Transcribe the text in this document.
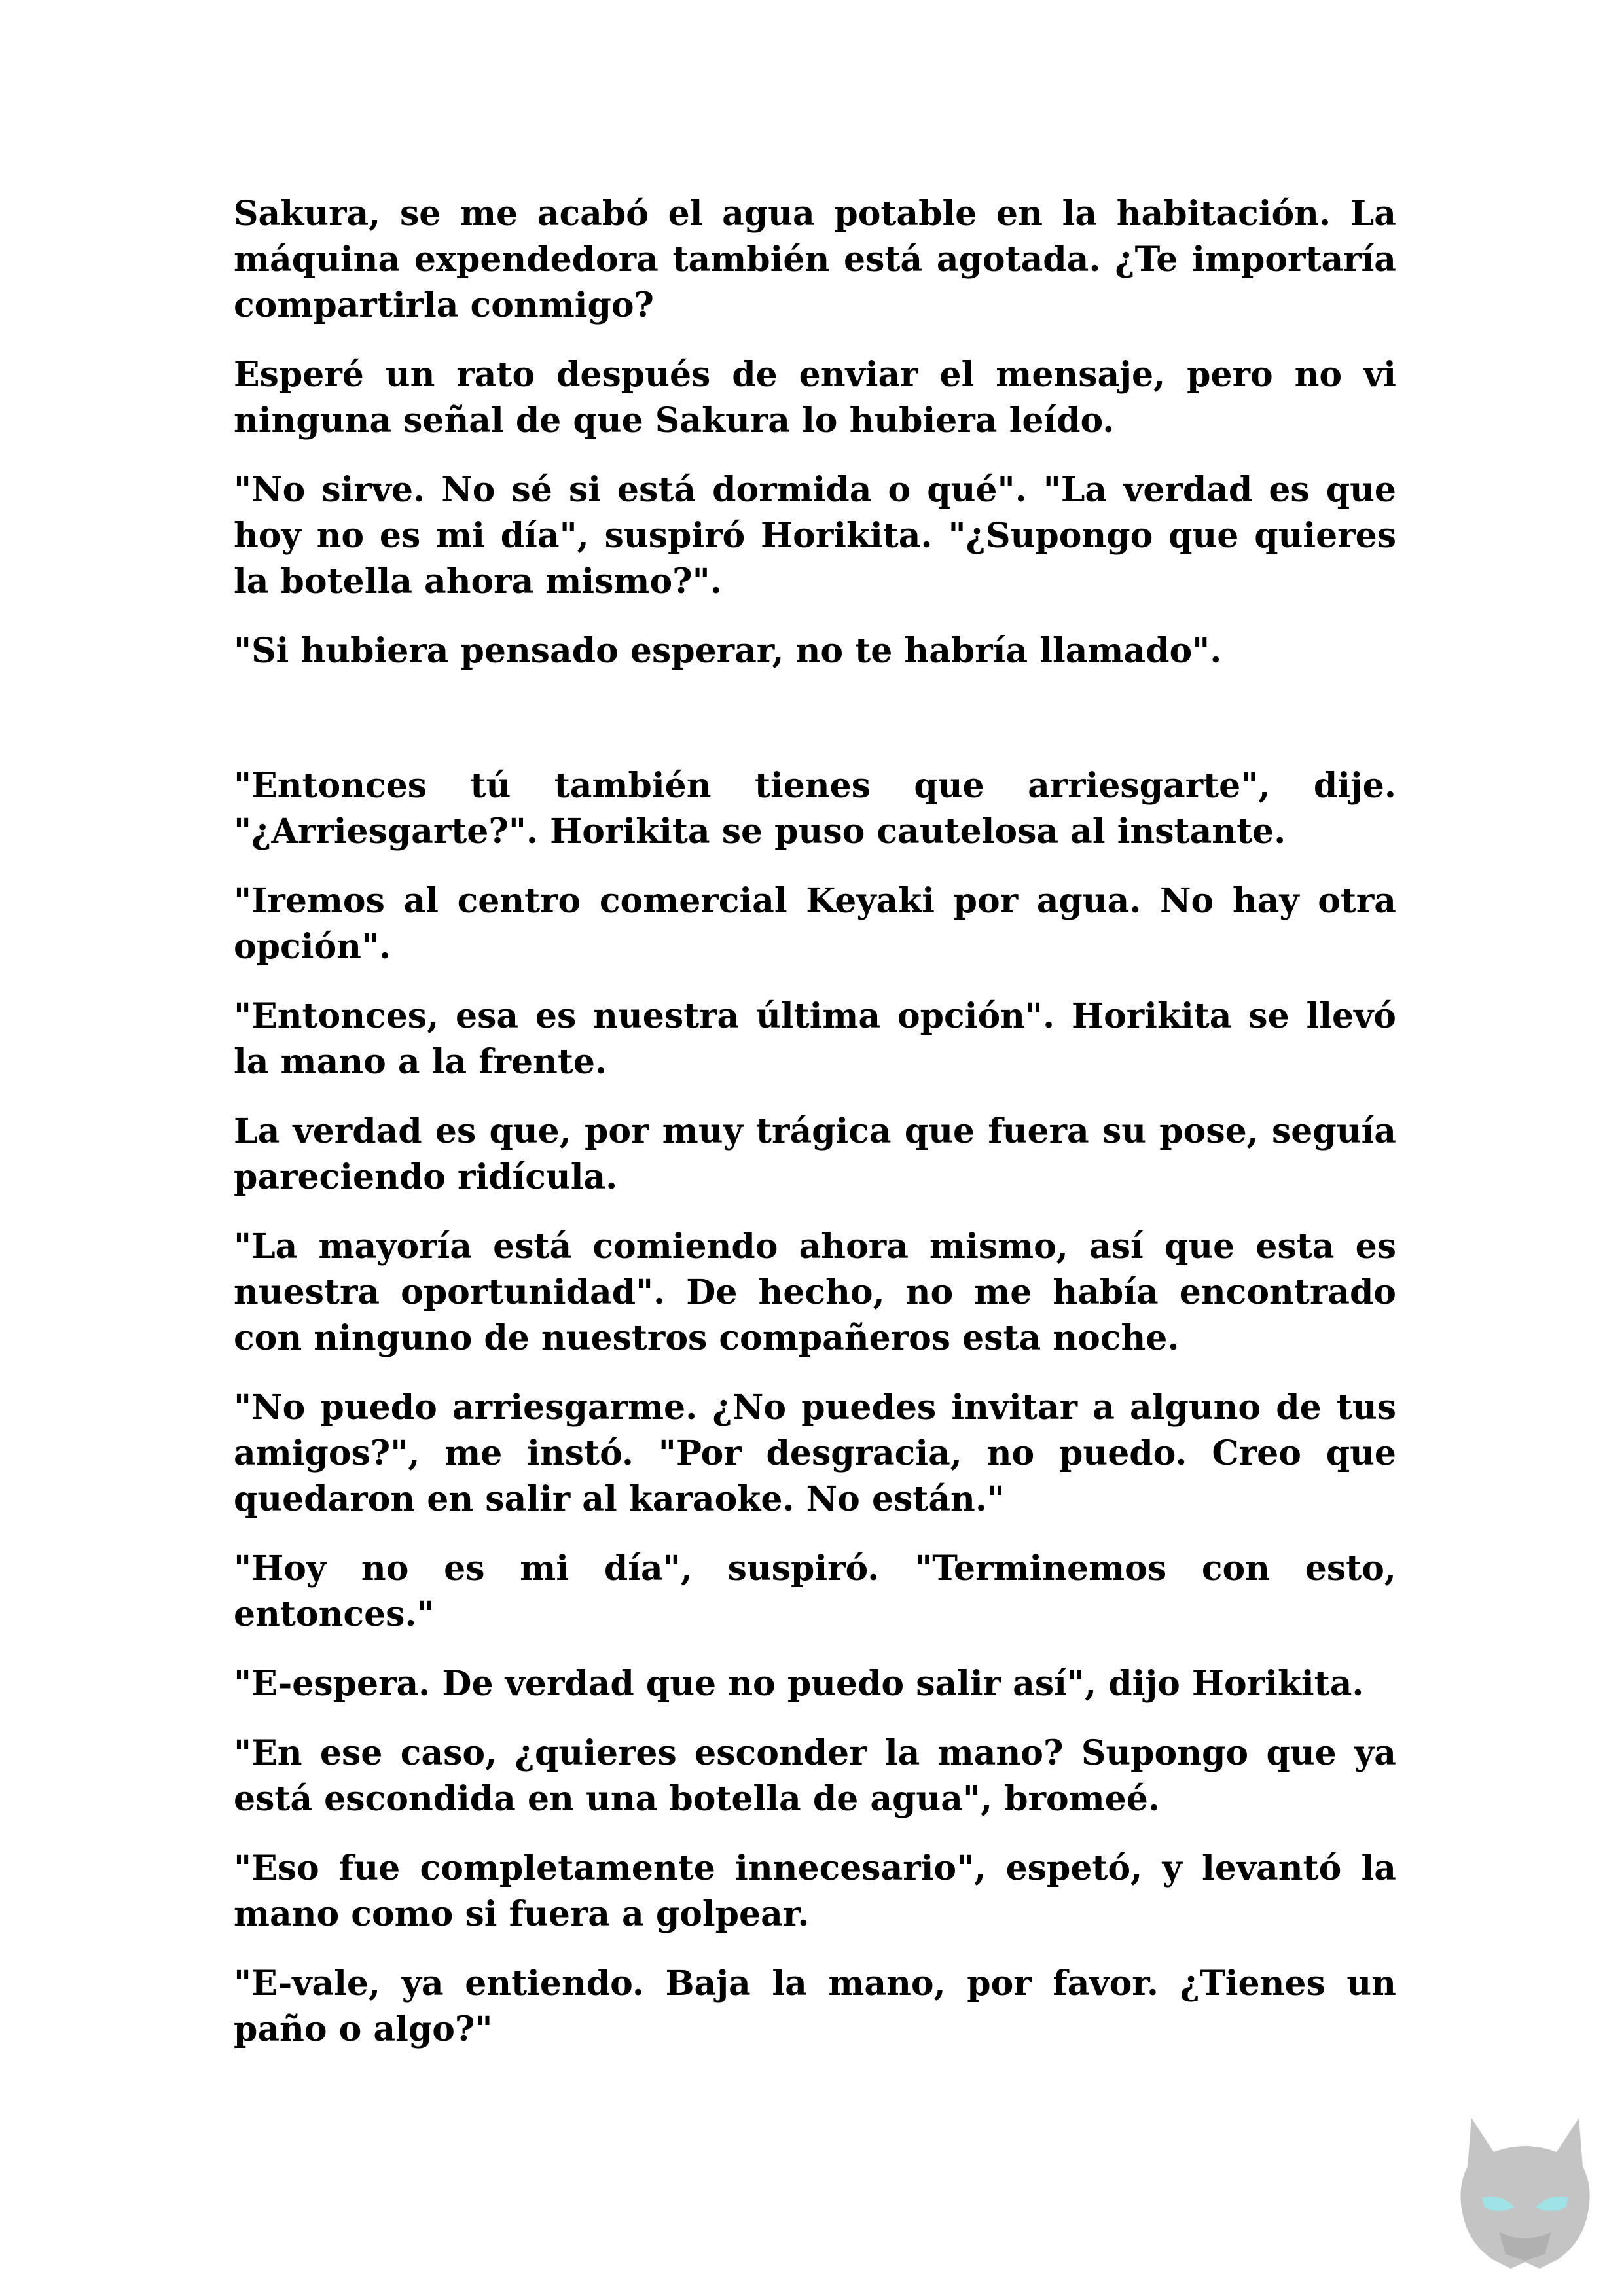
Sakura, se me acabó el agua potable en la habitación. La máquina expendedora también está agotada. ¿Te importaría compartirla conmigo?

Esperé un rato después de enviar el mensaje, pero no vi ninguna señal de que Sakura lo hubiera leído.

"No sirve. No sé si está dormida o qué". "La verdad es que hoy no es mi día", suspiró Horikita. "¿Supongo que quieres la botella ahora mismo?".

"Si hubiera pensado esperar, no te habría llamado".

"Entonces tú también tienes que arriesgarte", dije. "¿Arriesgarte?". Horikita se puso cautelosa al instante.

"Iremos al centro comercial Keyaki por agua. No hay otra opción".

"Entonces, esa es nuestra última opción". Horikita se llevó la mano a la frente.

La verdad es que, por muy trágica que fuera su pose, seguía pareciendo ridícula.

"La mayoría está comiendo ahora mismo, así que esta es nuestra oportunidad". De hecho, no me había encontrado con ninguno de nuestros compañeros esta noche.

"No puedo arriesgarme. ¿No puedes invitar a alguno de tus amigos?", me instó. "Por desgracia, no puedo. Creo que quedaron en salir al karaoke. No están."

"Hoy no es mi día", suspiró. "Terminemos con esto, entonces."

"E-espera. De verdad que no puedo salir así", dijo Horikita.

"En ese caso, ¿quieres esconder la mano? Supongo que ya está escondida en una botella de agua", bromeé.

"Eso fue completamente innecesario", espetó, y levantó la mano como si fuera a golpear.

"E-vale, ya entiendo. Baja la mano, por favor. ¿Tienes un paño o algo?"
